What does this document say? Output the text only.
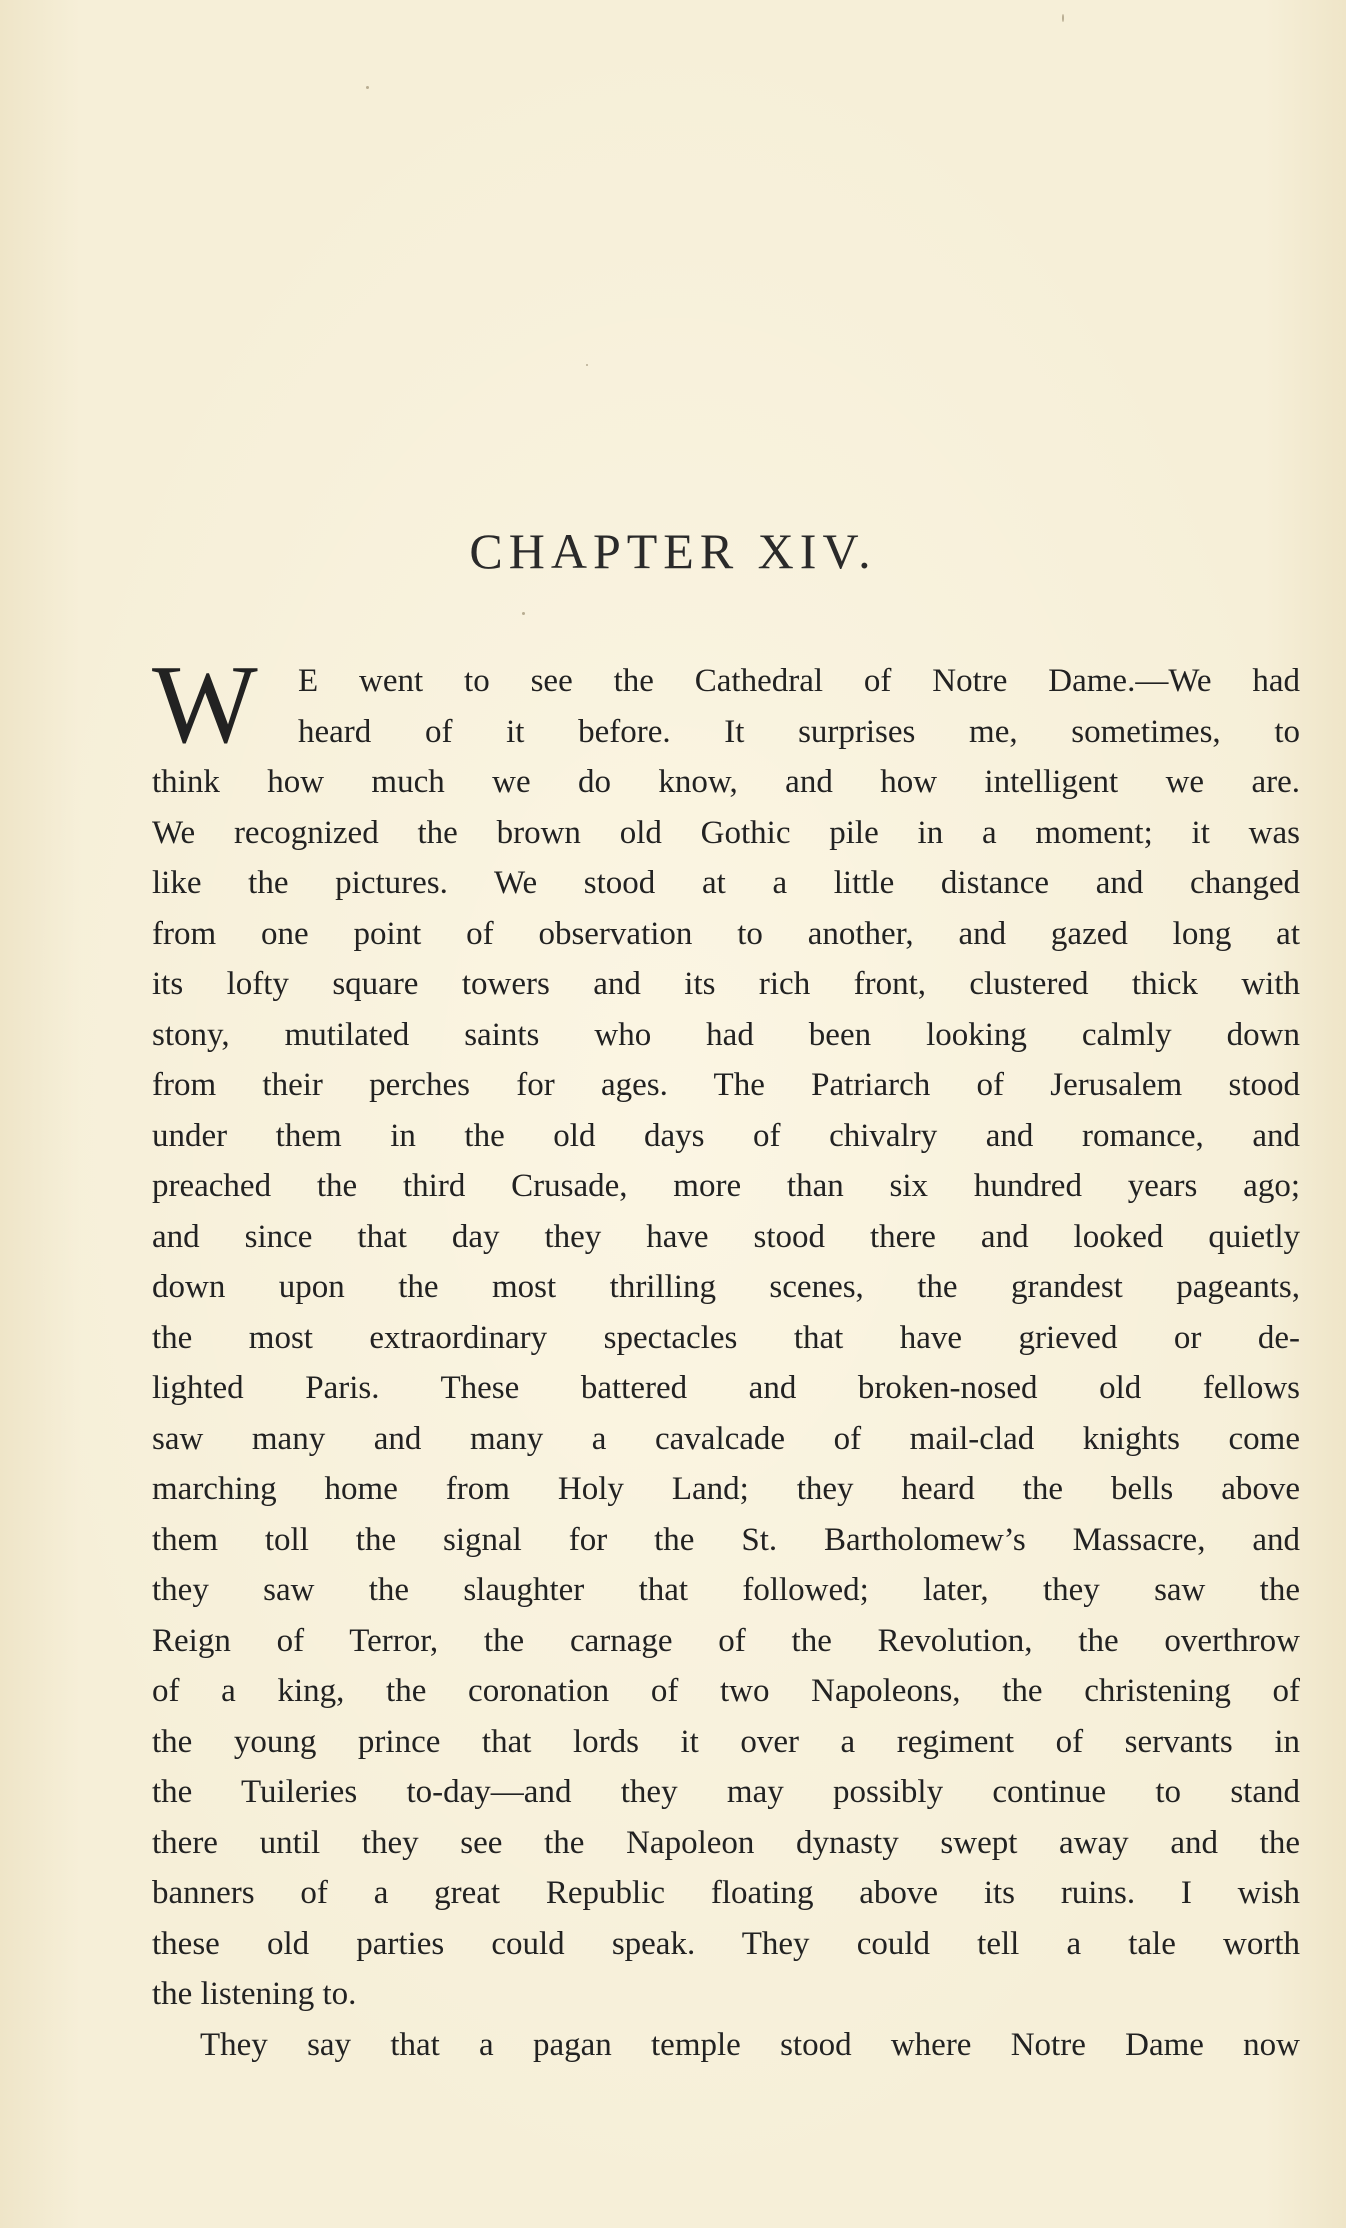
CHAPTER XIV.
W	E went to see the Cathedral of Notre Dame.—We had
heard of it before. It surprises me, sometimes, to
think how much we do know, and how intelligent we are.
We recognized the brown old Gothic pile in a moment; it was
like the pictures. We stood at a little distance and changed
from one point of observation to another, and gazed long at
its lofty square towers and its rich front, clustered thick with
stony, mutilated saints who had been looking calmly down
from their perches for ages. The Patriarch of Jerusalem stood
under them in the old days of chivalry and romance, and
preached the third Crusade, more than six hundred years ago;
and since that day they have stood there and looked quietly
down upon the most thrilling scenes, the grandest pageants,
the most extraordinary spectacles that have grieved or de-
lighted Paris. These battered and broken-nosed old fellows
saw many and many a cavalcade of mail-clad knights come
marching home from Holy Land; they heard the bells above
them toll the signal for the St. Bartholomew’s Massacre, and
they saw the slaughter that followed; later, they saw the
Reign of Terror, the carnage of the Revolution, the overthrow
of a king, the coronation of two Napoleons, the christening of
the young prince that lords it over a regiment of servants in
the Tuileries to-day—and they may possibly continue to stand
there until they see the Napoleon dynasty swept away and the
banners of a great Republic floating above its ruins. I wish
these old parties could speak. They could tell a tale worth
the listening to.
They say that a pagan temple stood where Notre Dame now
